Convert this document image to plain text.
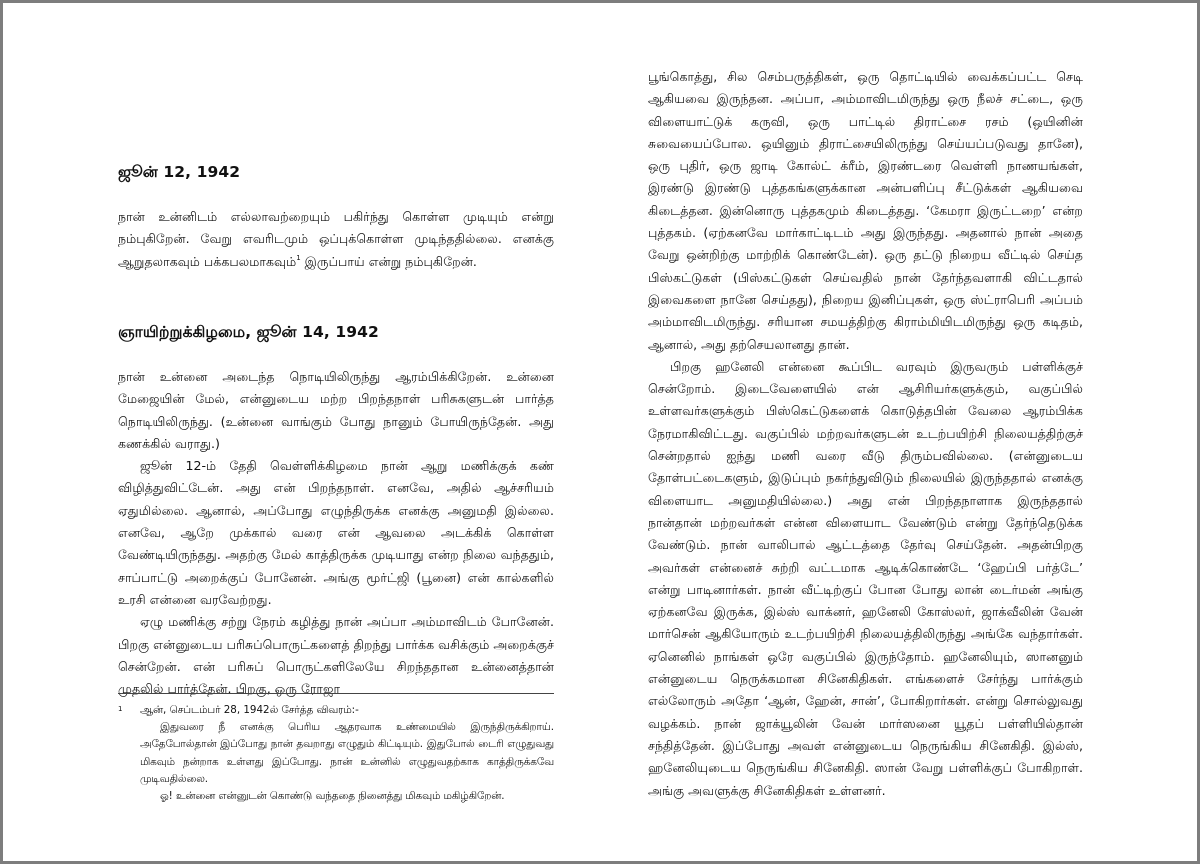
ஜூன் 12, 1942

நான் உன்னிடம் எல்லாவற்றையும் பகிர்ந்து கொள்ள முடியும் என்று நம்புகிறேன். வேறு எவரிடமும் ஒப்புக்கொள்ள முடிந்ததில்லை. எனக்கு ஆறுதலாகவும் பக்கபலமாகவும்$^1$ இருப்பாய் என்று நம்புகிறேன்.

ஞாயிற்றுக்கிழமை, ஜூன் 14, 1942

நான் உன்னை அடைந்த நொடியிலிருந்து ஆரம்பிக்கிறேன். உன்னை மேஜையின் மேல், என்னுடைய மற்ற பிறந்தநாள் பரிசுகளுடன் பார்த்த நொடியிலிருந்து. (உன்னை வாங்கும் போது நானும் போயிருந்தேன். அது கணக்கில் வராது.)

ஜூன் 12-ம் தேதி வெள்ளிக்கிழமை நான் ஆறு மணிக்குக் கண் விழித்துவிட்டேன். அது என் பிறந்தநாள். எனவே, அதில் ஆச்சரியம் ஏதுமில்லை. ஆனால், அப்போது எழுந்திருக்க எனக்கு அனுமதி இல்லை. எனவே, ஆறே முக்கால் வரை என் ஆவலை அடக்கிக் கொள்ள வேண்டியிருந்தது. அதற்கு மேல் காத்திருக்க முடியாது என்ற நிலை வந்ததும், சாப்பாட்டு அறைக்குப் போனேன். அங்கு மூர்ட்ஜி (பூனை) என் கால்களில் உரசி என்னை வரவேற்றது.

ஏழு மணிக்கு சற்று நேரம் கழித்து நான் அப்பா அம்மாவிடம் போனேன். பிறகு என்னுடைய பரிசுப்பொருட்களைத் திறந்து பார்க்க வசிக்கும் அறைக்குச் சென்றேன். என் பரிசுப் பொருட்களிலேயே சிறந்ததான உன்னைத்தான் முதலில் பார்த்தேன். பிறகு, ஒரு ரோஜா

1	ஆன், செப்டம்பர் 28, 1942ல் சேர்த்த விவரம்:-

இதுவரை நீ எனக்கு பெரிய ஆதரவாக உண்மையில் இருந்திருக்கிறாய். அதேபோல்தான் இப்போது நான் தவறாது எழுதும் கிட்டியும். இதுபோல் டைரி எழுதுவது மிகவும் நன்றாக உள்ளது இப்போது. நான் உன்னில் எழுதுவதற்காக காத்திருக்கவே முடிவதில்லை.

ஓ! உன்னை என்னுடன் கொண்டு வந்ததை நினைத்து மிகவும் மகிழ்கிறேன்.

பூங்கொத்து, சில செம்பருத்திகள், ஒரு தொட்டியில் வைக்கப்பட்ட செடி ஆகியவை இருந்தன. அப்பா, அம்மாவிடமிருந்து ஒரு நீலச் சட்டை, ஒரு விளையாட்டுக் கருவி, ஒரு பாட்டில் திராட்சை ரசம் (ஒயினின் சுவையைப்போல. ஒயினும் திராட்சையிலிருந்து செய்யப்படுவது தானே), ஒரு புதிர், ஒரு ஜாடி கோல்ட் க்ரீம், இரண்டரை வெள்ளி நாணயங்கள், இரண்டு இரண்டு புத்தகங்களுக்கான அன்பளிப்பு சீட்டுக்கள் ஆகியவை கிடைத்தன. இன்னொரு புத்தகமும் கிடைத்தது. ‘கேமரா இருட்டறை’ என்ற புத்தகம். (ஏற்கனவே மார்காட்டிடம் அது இருந்தது. அதனால் நான் அதை வேறு ஒன்றிற்கு மாற்றிக் கொண்டேன்). ஒரு தட்டு நிறைய வீட்டில் செய்த பிஸ்கட்டுகள் (பிஸ்கட்டுகள் செய்வதில் நான் தேர்ந்தவளாகி விட்டதால் இவைகளை நானே செய்தது), நிறைய இனிப்புகள், ஒரு ஸ்ட்ராபெரி அப்பம் அம்மாவிடமிருந்து. சரியான சமயத்திற்கு கிராம்மியிடமிருந்து ஒரு கடிதம், ஆனால், அது தற்செயலானது தான்.

பிறகு ஹனேலி என்னை கூப்பிட வரவும் இருவரும் பள்ளிக்குச் சென்றோம். இடைவேளையில் என் ஆசிரியர்களுக்கும், வகுப்பில் உள்ளவர்களுக்கும் பிஸ்கெட்டுகளைக் கொடுத்தபின் வேலை ஆரம்பிக்க நேரமாகிவிட்டது. வகுப்பில் மற்றவர்களுடன் உடற்பயிற்சி நிலையத்திற்குச் சென்றதால் ஐந்து மணி வரை வீடு திரும்பவில்லை. (என்னுடைய தோள்பட்டைகளும், இடுப்பும் நகர்ந்துவிடும் நிலையில் இருந்ததால் எனக்கு விளையாட அனுமதியில்லை.) அது என் பிறந்தநாளாக இருந்ததால் நான்தான் மற்றவர்கள் என்ன விளையாட வேண்டும் என்று தேர்ந்தெடுக்க வேண்டும். நான் வாலிபால் ஆட்டத்தை தேர்வு செய்தேன். அதன்பிறகு அவர்கள் என்னைச் சுற்றி வட்டமாக ஆடிக்கொண்டே ‘ஹேப்பி பர்த்டே’ என்று பாடினார்கள். நான் வீட்டிற்குப் போன போது லான் டைர்மன் அங்கு ஏற்கனவே இருக்க, இல்ஸ் வாக்னர், ஹனேலி கோஸ்லர், ஜாக்வீலின் வேன் மார்சென் ஆகியோரும் உடற்பயிற்சி நிலையத்திலிருந்து அங்கே வந்தார்கள். ஏனெனில் நாங்கள் ஒரே வகுப்பில் இருந்தோம். ஹனேலியும், ஸானனும் என்னுடைய நெருக்கமான சினேகிதிகள். எங்களைச் சேர்ந்து பார்க்கும் எல்லோரும் அதோ ‘ஆன், ஹேன், சான்’, போகிறார்கள். என்று சொல்லுவது வழக்கம். நான் ஜாக்யூலின் வேன் மார்ஸனை யூதப் பள்ளியில்தான் சந்தித்தேன். இப்போது அவள் என்னுடைய நெருங்கிய சினேகிதி. இல்ஸ், ஹனேலியுடைய நெருங்கிய சினேகிதி. ஸான் வேறு பள்ளிக்குப் போகிறாள். அங்கு அவளுக்கு சினேகிதிகள் உள்ளனர்.
